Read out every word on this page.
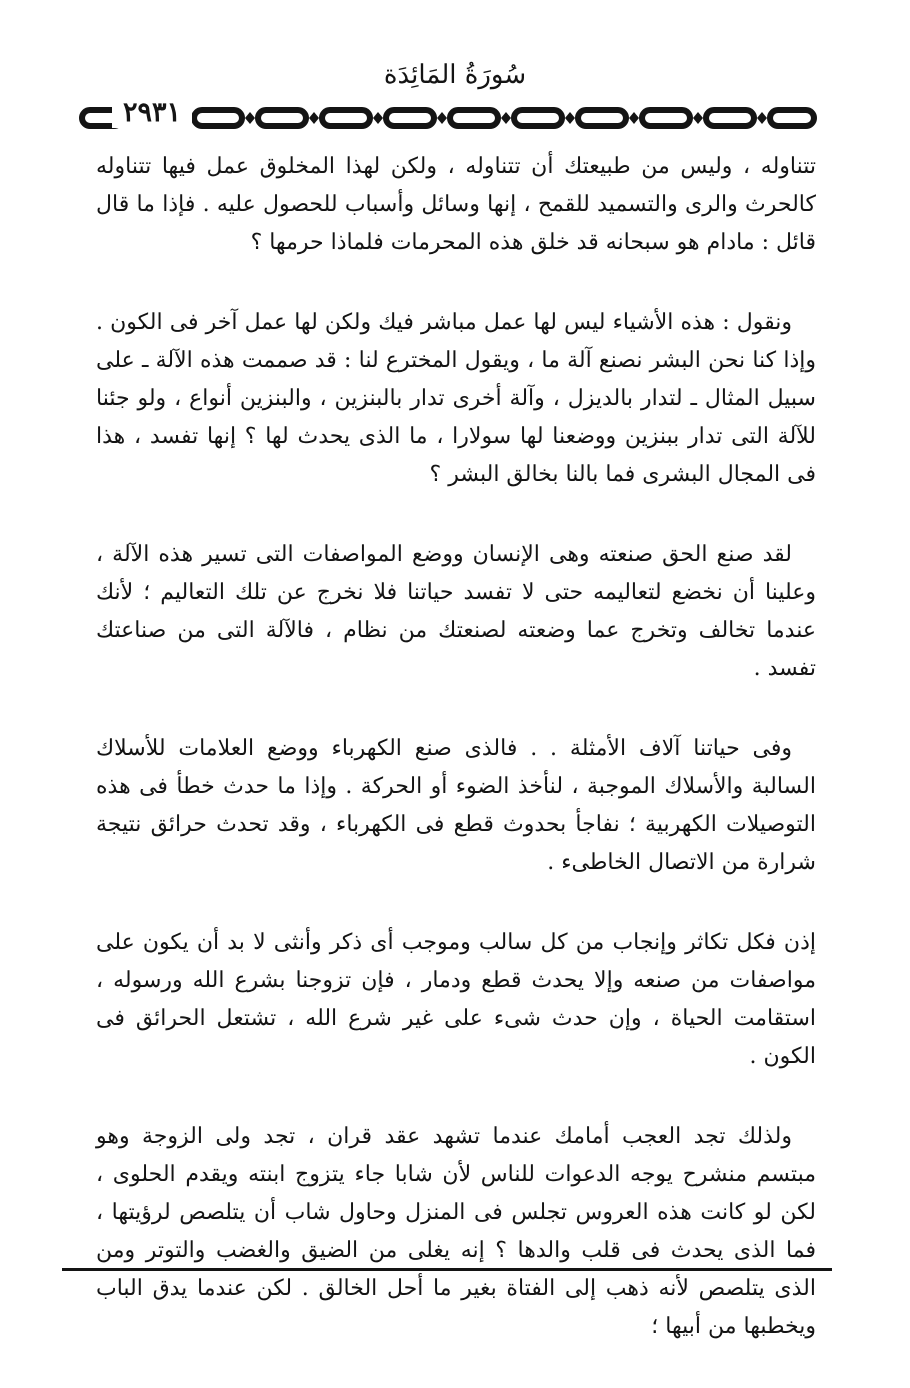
سُورَةُ المَائِدَة
٢٩٣١

تتناوله ، وليس من طبيعتك أن تتناوله ، ولكن لهذا المخلوق عمل فيها تتناوله كالحرث والرى والتسميد للقمح ، إنها وسائل وأسباب للحصول عليه . فإذا ما قال قائل : مادام هو سبحانه قد خلق هذه المحرمات فلماذا حرمها ؟

ونقول : هذه الأشياء ليس لها عمل مباشر فيك ولكن لها عمل آخر فى الكون . وإذا كنا نحن البشر نصنع آلة ما ، ويقول المخترع لنا : قد صممت هذه الآلة ـ على سبيل المثال ـ لتدار بالديزل ، وآلة أخرى تدار بالبنزين ، والبنزين أنواع ، ولو جئنا للآلة التى تدار ببنزين ووضعنا لها سولارا ، ما الذى يحدث لها ؟ إنها تفسد ، هذا فى المجال البشرى فما بالنا بخالق البشر ؟

لقد صنع الحق صنعته وهى الإنسان ووضع المواصفات التى تسير هذه الآلة ، وعلينا أن نخضع لتعاليمه حتى لا تفسد حياتنا فلا نخرج عن تلك التعاليم ؛ لأنك عندما تخالف وتخرج عما وضعته لصنعتك من نظام ، فالآلة التى من صناعتك تفسد .

وفى حياتنا آلاف الأمثلة . . فالذى صنع الكهرباء ووضع العلامات للأسلاك السالبة والأسلاك الموجبة ، لنأخذ الضوء أو الحركة . وإذا ما حدث خطأ فى هذه التوصيلات الكهربية ؛ نفاجأ بحدوث قطع فى الكهرباء ، وقد تحدث حرائق نتيجة شرارة من الاتصال الخاطىء .

إذن فكل تكاثر وإنجاب من كل سالب وموجب أى ذكر وأنثى لا بد أن يكون على مواصفات من صنعه وإلا يحدث قطع ودمار ، فإن تزوجنا بشرع الله ورسوله ، استقامت الحياة ، وإن حدث شىء على غير شرع الله ، تشتعل الحرائق فى الكون .

ولذلك تجد العجب أمامك عندما تشهد عقد قران ، تجد ولى الزوجة وهو مبتسم منشرح يوجه الدعوات للناس لأن شابا جاء يتزوج ابنته ويقدم الحلوى ، لكن لو كانت هذه العروس تجلس فى المنزل وحاول شاب أن يتلصص لرؤيتها ، فما الذى يحدث فى قلب والدها ؟ إنه يغلى من الضيق والغضب والتوتر ومن الذى يتلصص لأنه ذهب إلى الفتاة بغير ما أحل الخالق . لكن عندما يدق الباب ويخطبها من أبيها ؛
